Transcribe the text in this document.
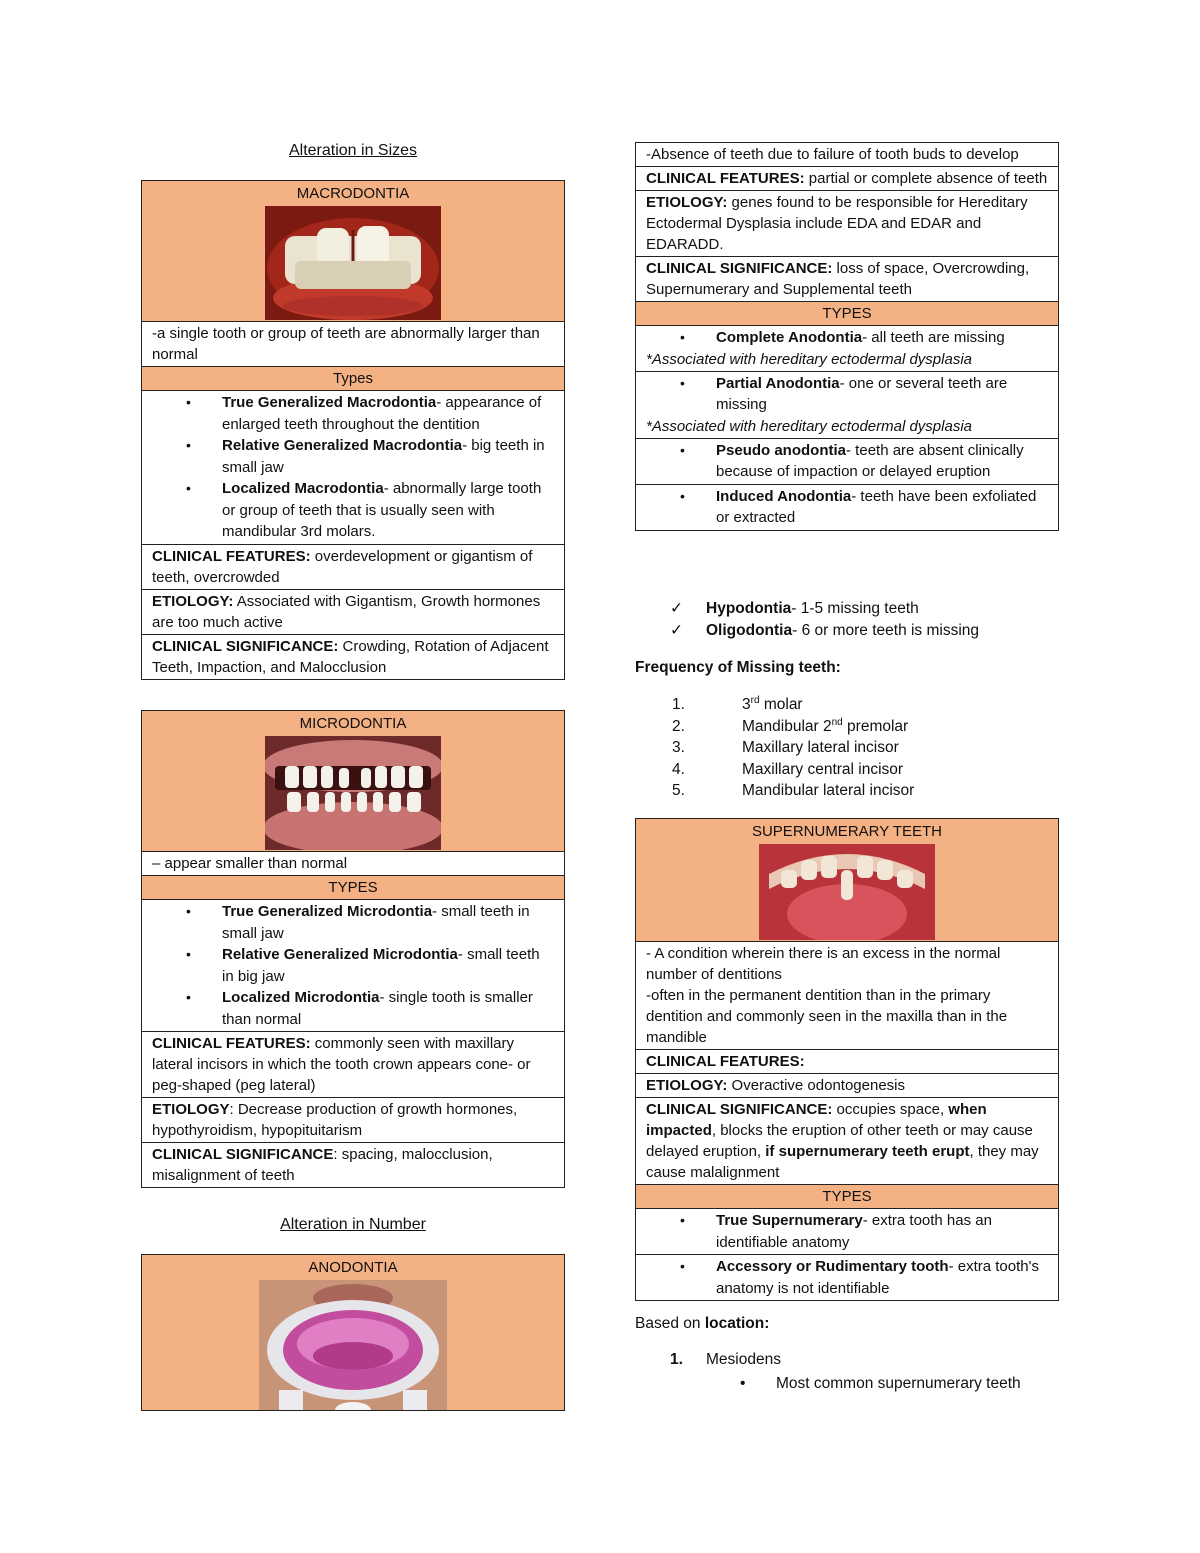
Alteration in Sizes
MACRODONTIA

-a single tooth or group of teeth are abnormally larger than normal
Types

• True Generalized Macrodontia- appearance of enlarged teeth throughout the dentition
• Relative Generalized Macrodontia- big teeth in small jaw
• Localized Macrodontia- abnormally large tooth or group of teeth that is usually seen with mandibular 3rd molars.

CLINICAL FEATURES: overdevelopment or gigantism of teeth, overcrowded
ETIOLOGY: Associated with Gigantism, Growth hormones are too much active
CLINICAL SIGNIFICANCE: Crowding, Rotation of Adjacent Teeth, Impaction, and Malocclusion
MICRODONTIA

– appear smaller than normal
TYPES

• True Generalized Microdontia- small teeth in small jaw
• Relative Generalized Microdontia- small teeth in big jaw
• Localized Microdontia- single tooth is smaller than normal

CLINICAL FEATURES: commonly seen with maxillary lateral incisors in which the tooth crown appears cone- or peg-shaped (peg lateral)
ETIOLOGY: Decrease production of growth hormones, hypothyroidism, hypopituitarism
CLINICAL SIGNIFICANCE: spacing, malocclusion, misalignment of teeth
Alteration in Number
ANODONTIA
-Absence of teeth due to failure of tooth buds to develop
CLINICAL FEATURES: partial or complete absence of teeth
ETIOLOGY: genes found to be responsible for Hereditary Ectodermal Dysplasia include EDA and EDAR and EDARADD.
CLINICAL SIGNIFICANCE: loss of space, Overcrowding, Supernumerary and Supplemental teeth
TYPES

• Complete Anodontia- all teeth are missing
*Associated with hereditary ectodermal dysplasia

• Partial Anodontia- one or several teeth are missing
*Associated with hereditary ectodermal dysplasia

• Pseudo anodontia- teeth are absent clinically because of impaction or delayed eruption

• Induced Anodontia- teeth have been exfoliated or extracted
✓ Hypodontia- 1-5 missing teeth
✓ Oligodontia- 6 or more teeth is missing
Frequency of Missing teeth:
1.	3rd molar
2.	Mandibular 2nd premolar
3.	Maxillary lateral incisor
4.	Maxillary central incisor
5.	Mandibular lateral incisor
SUPERNUMERARY TEETH

- A condition wherein there is an excess in the normal number of dentitions
-often in the permanent dentition than in the primary dentition and commonly seen in the maxilla than in the mandible

CLINICAL FEATURES:
ETIOLOGY: Overactive odontogenesis
CLINICAL SIGNIFICANCE: occupies space, when impacted, blocks the eruption of other teeth or may cause delayed eruption, if supernumerary teeth erupt, they may cause malalignment
TYPES

• True Supernumerary- extra tooth has an identifiable anatomy

• Accessory or Rudimentary tooth- extra tooth's anatomy is not identifiable
Based on location:
1. Mesiodens
• Most common supernumerary teeth
